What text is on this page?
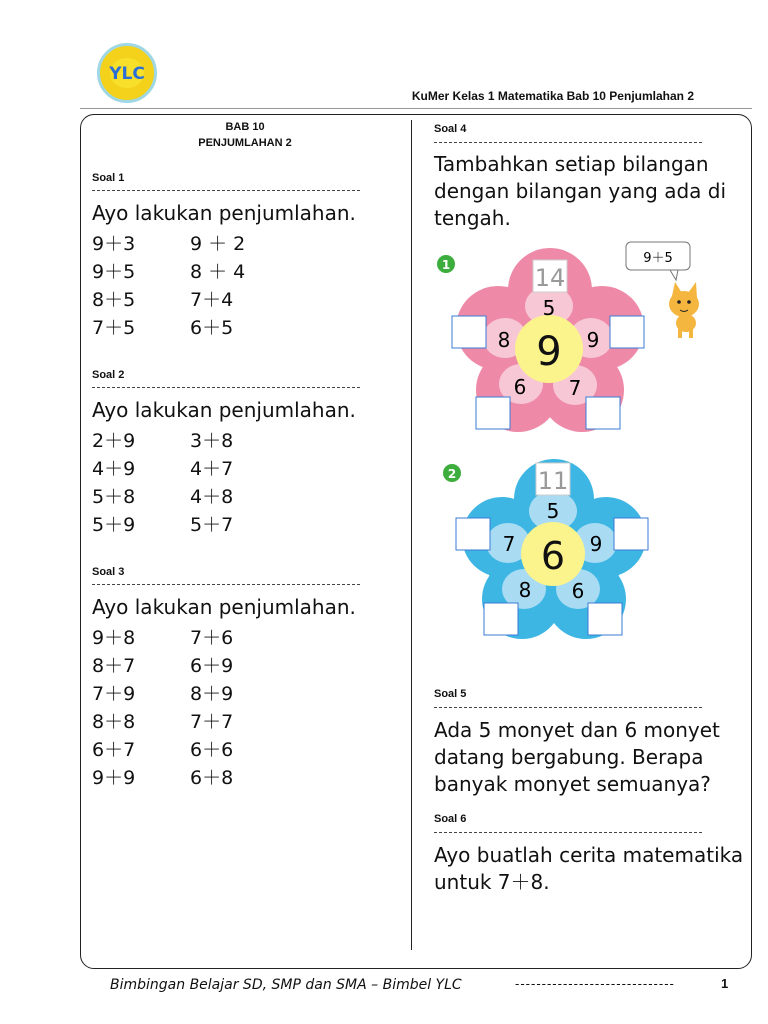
YLC
KuMer Kelas 1 Matematika Bab 10 Penjumlahan 2
BAB 10
PENJUMLAHAN 2
Soal 1
Ayo lakukan penjumlahan.
9＋3	9 ＋ 2
9＋5	8 ＋ 4
8＋5	7＋4
7＋5	6＋5
Soal 2
Ayo lakukan penjumlahan.
2＋9	3＋8
4＋9	4＋7
5＋8	4＋8
5＋9	5＋7
Soal 3
Ayo lakukan penjumlahan.
9＋8	7＋6
8＋7	6＋9
7＋9	8＋9
8＋8	7＋7
6＋7	6＋6
9＋9	6＋8
Soal 4
Tambahkan setiap bilangan
dengan bilangan yang ada di
tengah.
1
9
5
9
7
6
8
14
9＋5
2
6
5
9
6
8
7
11
Soal 5
Ada 5 monyet dan 6 monyet
datang bergabung. Berapa
banyak monyet semuanya?
Soal 6
Ayo buatlah cerita matematika
untuk 7＋8.
Bimbingan Belajar SD, SMP dan SMA – Bimbel YLC	------------------------------	1
